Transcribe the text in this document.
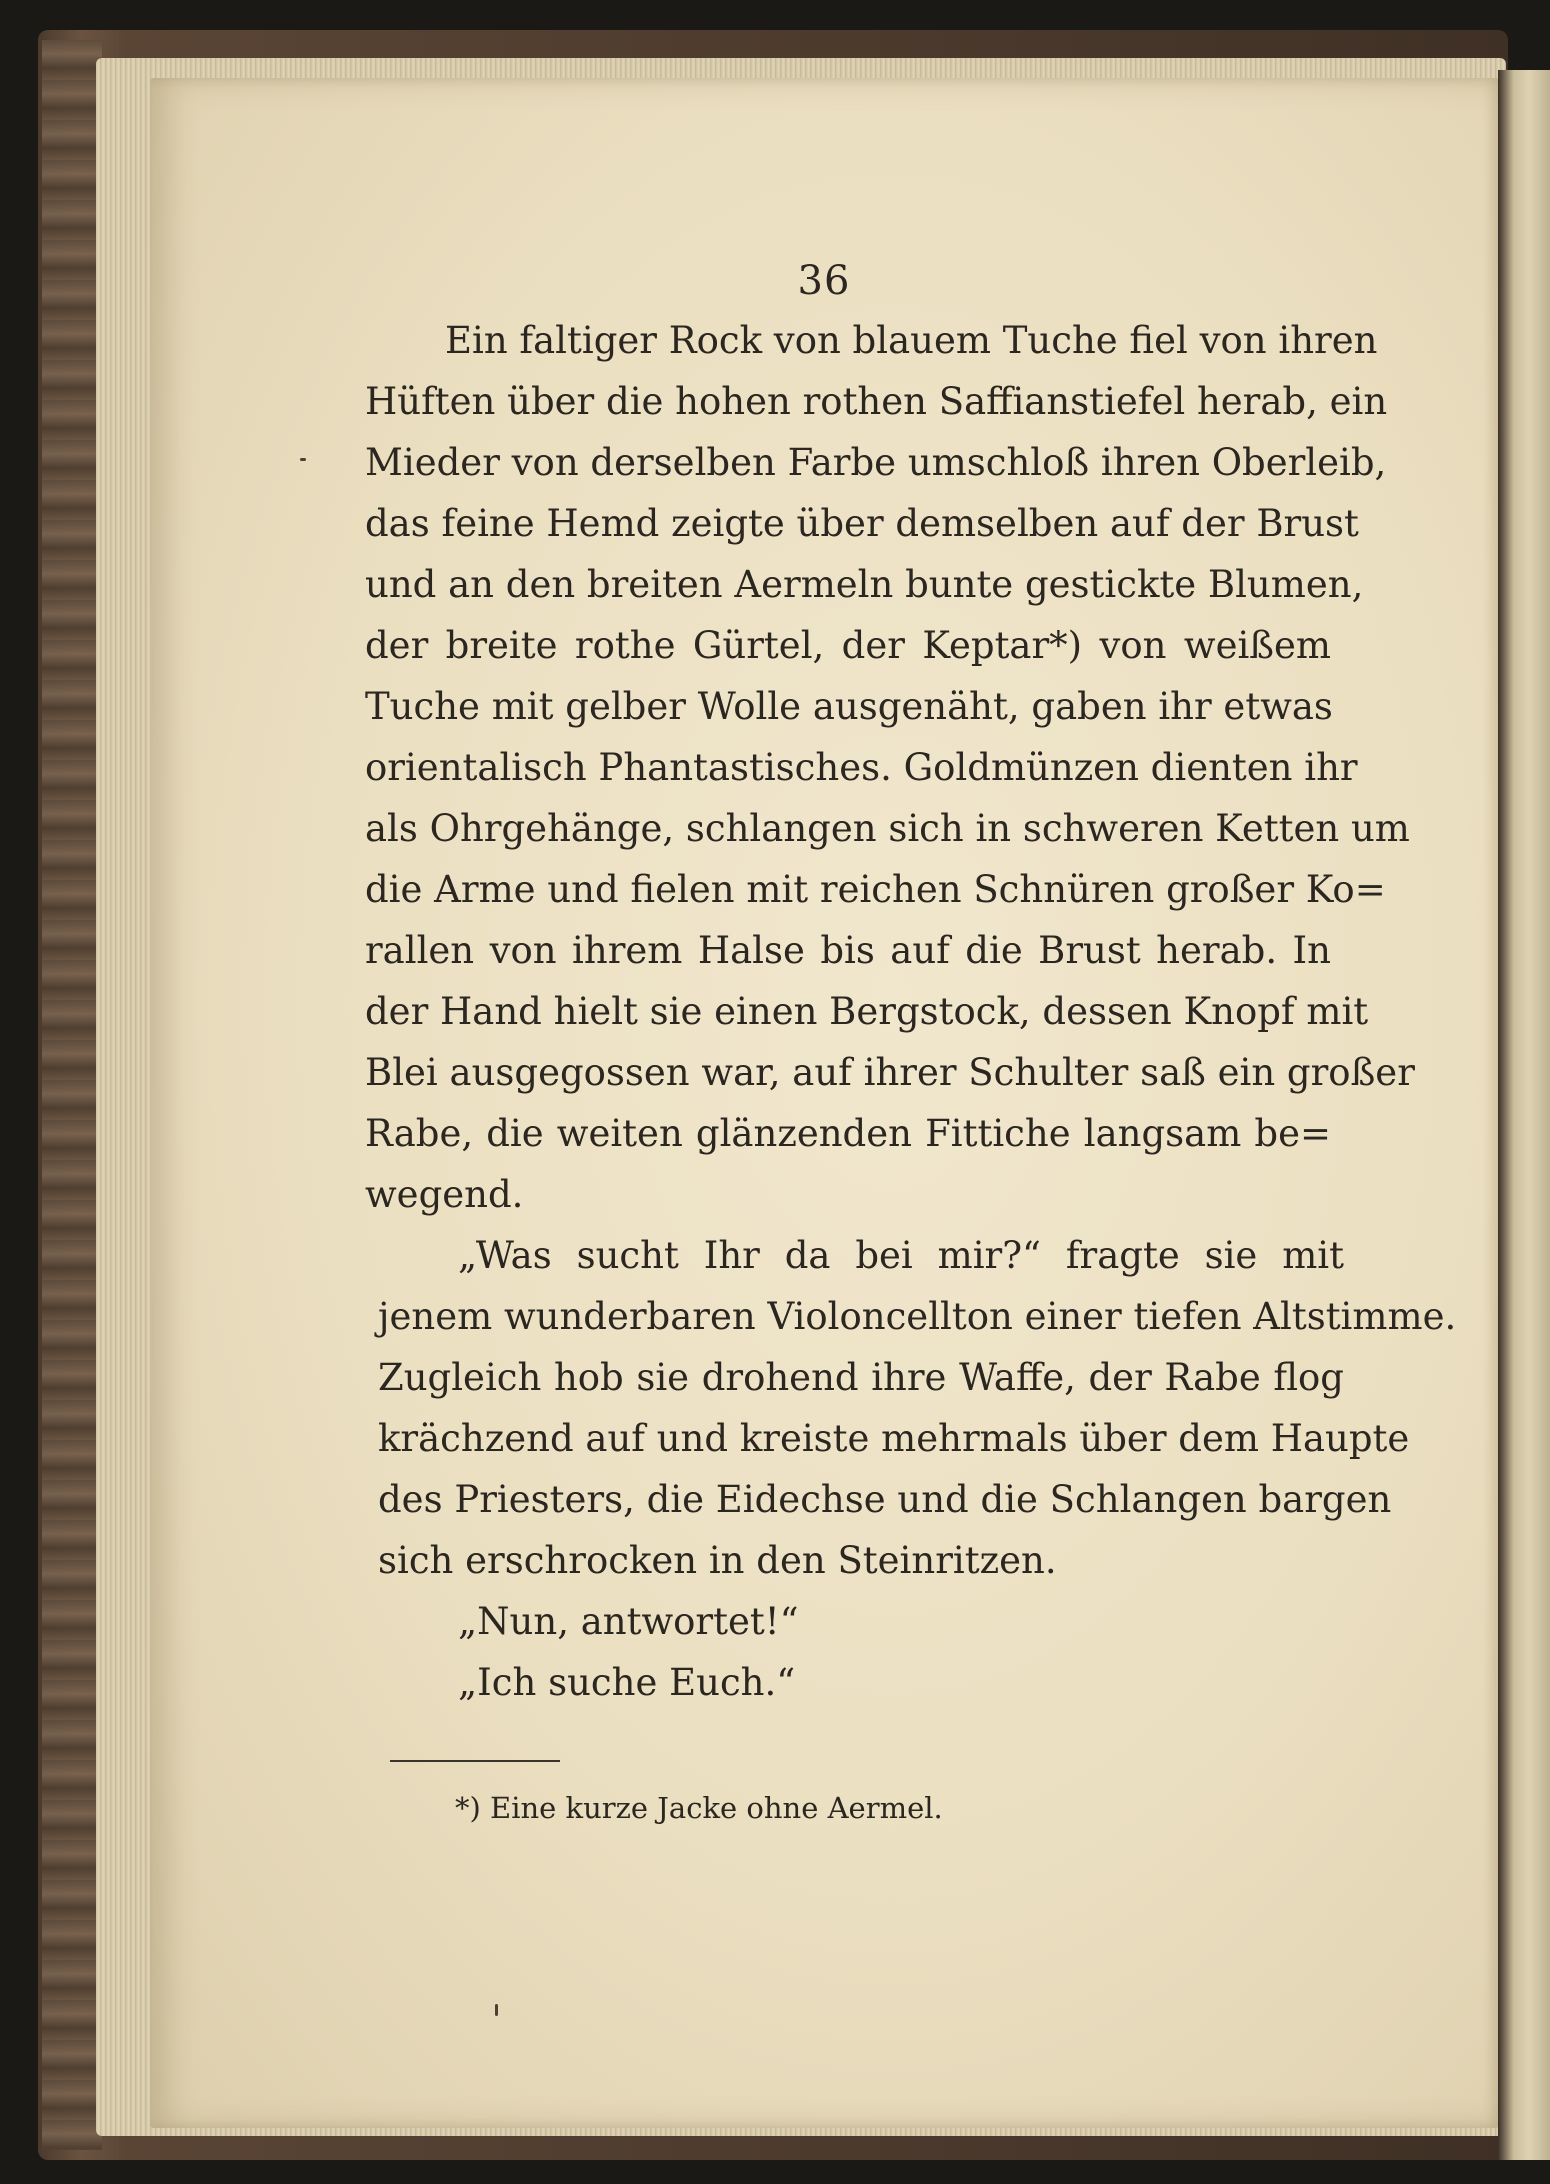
36
Ein faltiger Rock von blauem Tuche fiel von ihren
Hüften über die hohen rothen Saffianstiefel herab, ein
Mieder von derselben Farbe umschloß ihren Oberleib,
das feine Hemd zeigte über demselben auf der Brust
und an den breiten Aermeln bunte gestickte Blumen,
der breite rothe Gürtel, der Keptar*) von weißem
Tuche mit gelber Wolle ausgenäht, gaben ihr etwas
orientalisch Phantastisches. Goldmünzen dienten ihr
als Ohrgehänge, schlangen sich in schweren Ketten um
die Arme und fielen mit reichen Schnüren großer Ko=
rallen von ihrem Halse bis auf die Brust herab. In
der Hand hielt sie einen Bergstock, dessen Knopf mit
Blei ausgegossen war, auf ihrer Schulter saß ein großer
Rabe, die weiten glänzenden Fittiche langsam be=
wegend.
„Was sucht Ihr da bei mir?“ fragte sie mit
jenem wunderbaren Violoncellton einer tiefen Altstimme.
Zugleich hob sie drohend ihre Waffe, der Rabe flog
krächzend auf und kreiste mehrmals über dem Haupte
des Priesters, die Eidechse und die Schlangen bargen
sich erschrocken in den Steinritzen.
„Nun, antwortet!“
„Ich suche Euch.“
*) Eine kurze Jacke ohne Aermel.
